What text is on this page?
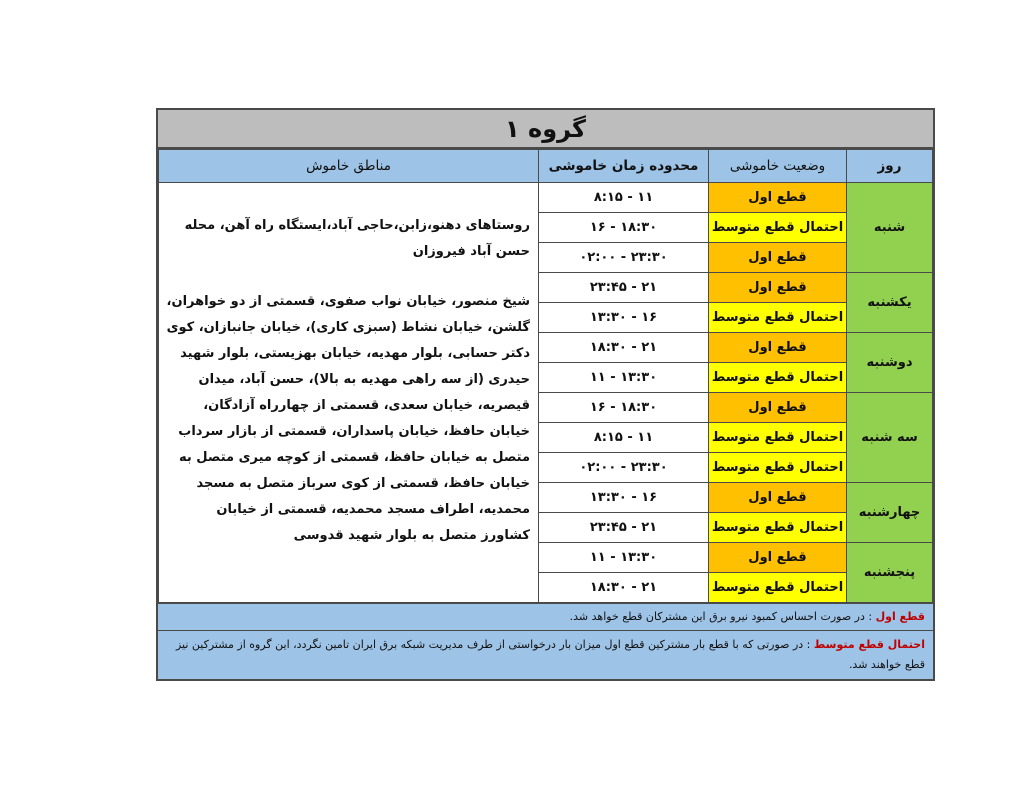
گروه ۱
روز	وضعیت خاموشی	محدوده زمان خاموشی	مناطق خاموش
شنبه	قطع اول	۱۱ - ۸:۱۵	روستاهای دهنو،زابن،حاجی آباد،ایستگاه راه آهن، محله حسن آباد فیروزان
شیخ منصور، خیابان نواب صفوی، قسمتی از دو خواهران، گلشن، خیابان نشاط (سبزی کاری)، خیابان جانبازان، کوی دکتر حسابی، بلوار مهدیه، خیابان بهزیستی، بلوار شهید حیدری (از سه راهی مهدیه به بالا)، حسن آباد، میدان قیصریه، خیابان سعدی، قسمتی از چهارراه آزادگان، خیابان حافظ، خیابان پاسداران، قسمتی از بازار سرداب متصل به خیابان حافظ، قسمتی از کوچه میری متصل به خیابان حافظ، قسمتی از کوی سرباز متصل به مسجد محمدیه، اطراف مسجد محمدیه، قسمتی از خیابان کشاورز متصل به بلوار شهید قدوسی

	احتمال قطع متوسط	۱۸:۳۰ - ۱۶	
	قطع اول	۲۳:۳۰ - ۰۲:۰۰	
یکشنبه	قطع اول	۲۱ - ۲۳:۴۵	
	احتمال قطع متوسط	۱۶ - ۱۳:۳۰	
دوشنبه	قطع اول	۲۱ - ۱۸:۳۰	
	احتمال قطع متوسط	۱۳:۳۰ - ۱۱	
سه شنبه	قطع اول	۱۸:۳۰ - ۱۶	
	احتمال قطع متوسط	۱۱ - ۸:۱۵	
	احتمال قطع متوسط	۲۳:۳۰ - ۰۲:۰۰	
چهارشنبه	قطع اول	۱۶ - ۱۳:۳۰	
	احتمال قطع متوسط	۲۱ - ۲۳:۴۵	
پنجشنبه	قطع اول	۱۳:۳۰ - ۱۱	
	احتمال قطع متوسط	۲۱ - ۱۸:۳۰	
قطع اول : در صورت احساس کمبود نیرو برق این مشترکان قطع خواهد شد.
احتمال قطع متوسط : در صورتی که با قطع بار مشترکین قطع اول میزان بار درخواستی از طرف مدیریت شبکه برق ایران تامین نگردد، این گروه از مشترکین نیز قطع خواهند شد.
